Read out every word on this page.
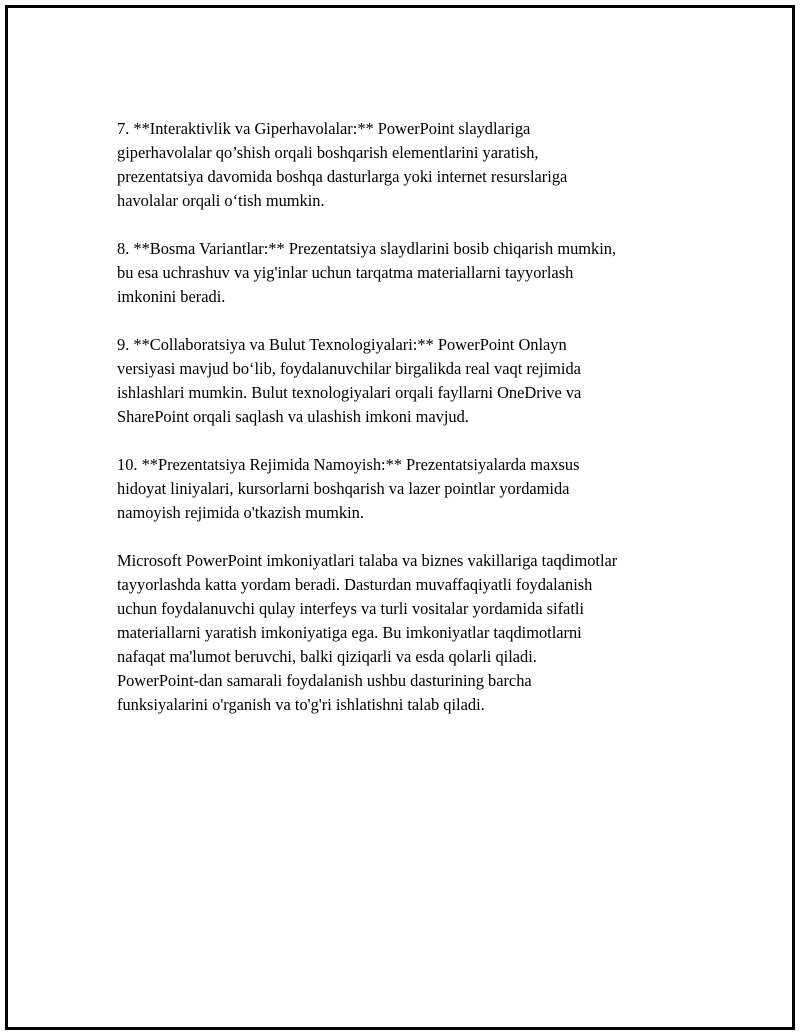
7. **Interaktivlik va Giperhavolalar:** PowerPoint slaydlariga
giperhavolalar qo’shish orqali boshqarish elementlarini yaratish,
prezentatsiya davomida boshqa dasturlarga yoki internet resurslariga
havolalar orqali oʻtish mumkin.

8. **Bosma Variantlar:** Prezentatsiya slaydlarini bosib chiqarish mumkin,
bu esa uchrashuv va yig'inlar uchun tarqatma materiallarni tayyorlash
imkonini beradi.

9. **Collaboratsiya va Bulut Texnologiyalari:** PowerPoint Onlayn
versiyasi mavjud boʻlib, foydalanuvchilar birgalikda real vaqt rejimida
ishlashlari mumkin. Bulut texnologiyalari orqali fayllarni OneDrive va
SharePoint orqali saqlash va ulashish imkoni mavjud.

10. **Prezentatsiya Rejimida Namoyish:** Prezentatsiyalarda maxsus
hidoyat liniyalari, kursorlarni boshqarish va lazer pointlar yordamida
namoyish rejimida o'tkazish mumkin.

Microsoft PowerPoint imkoniyatlari talaba va biznes vakillariga taqdimotlar
tayyorlashda katta yordam beradi. Dasturdan muvaffaqiyatli foydalanish
uchun foydalanuvchi qulay interfeys va turli vositalar yordamida sifatli
materiallarni yaratish imkoniyatiga ega. Bu imkoniyatlar taqdimotlarni
nafaqat ma'lumot beruvchi, balki qiziqarli va esda qolarli qiladi.
PowerPoint-dan samarali foydalanish ushbu dasturining barcha
funksiyalarini o'rganish va to'g'ri ishlatishni talab qiladi.
